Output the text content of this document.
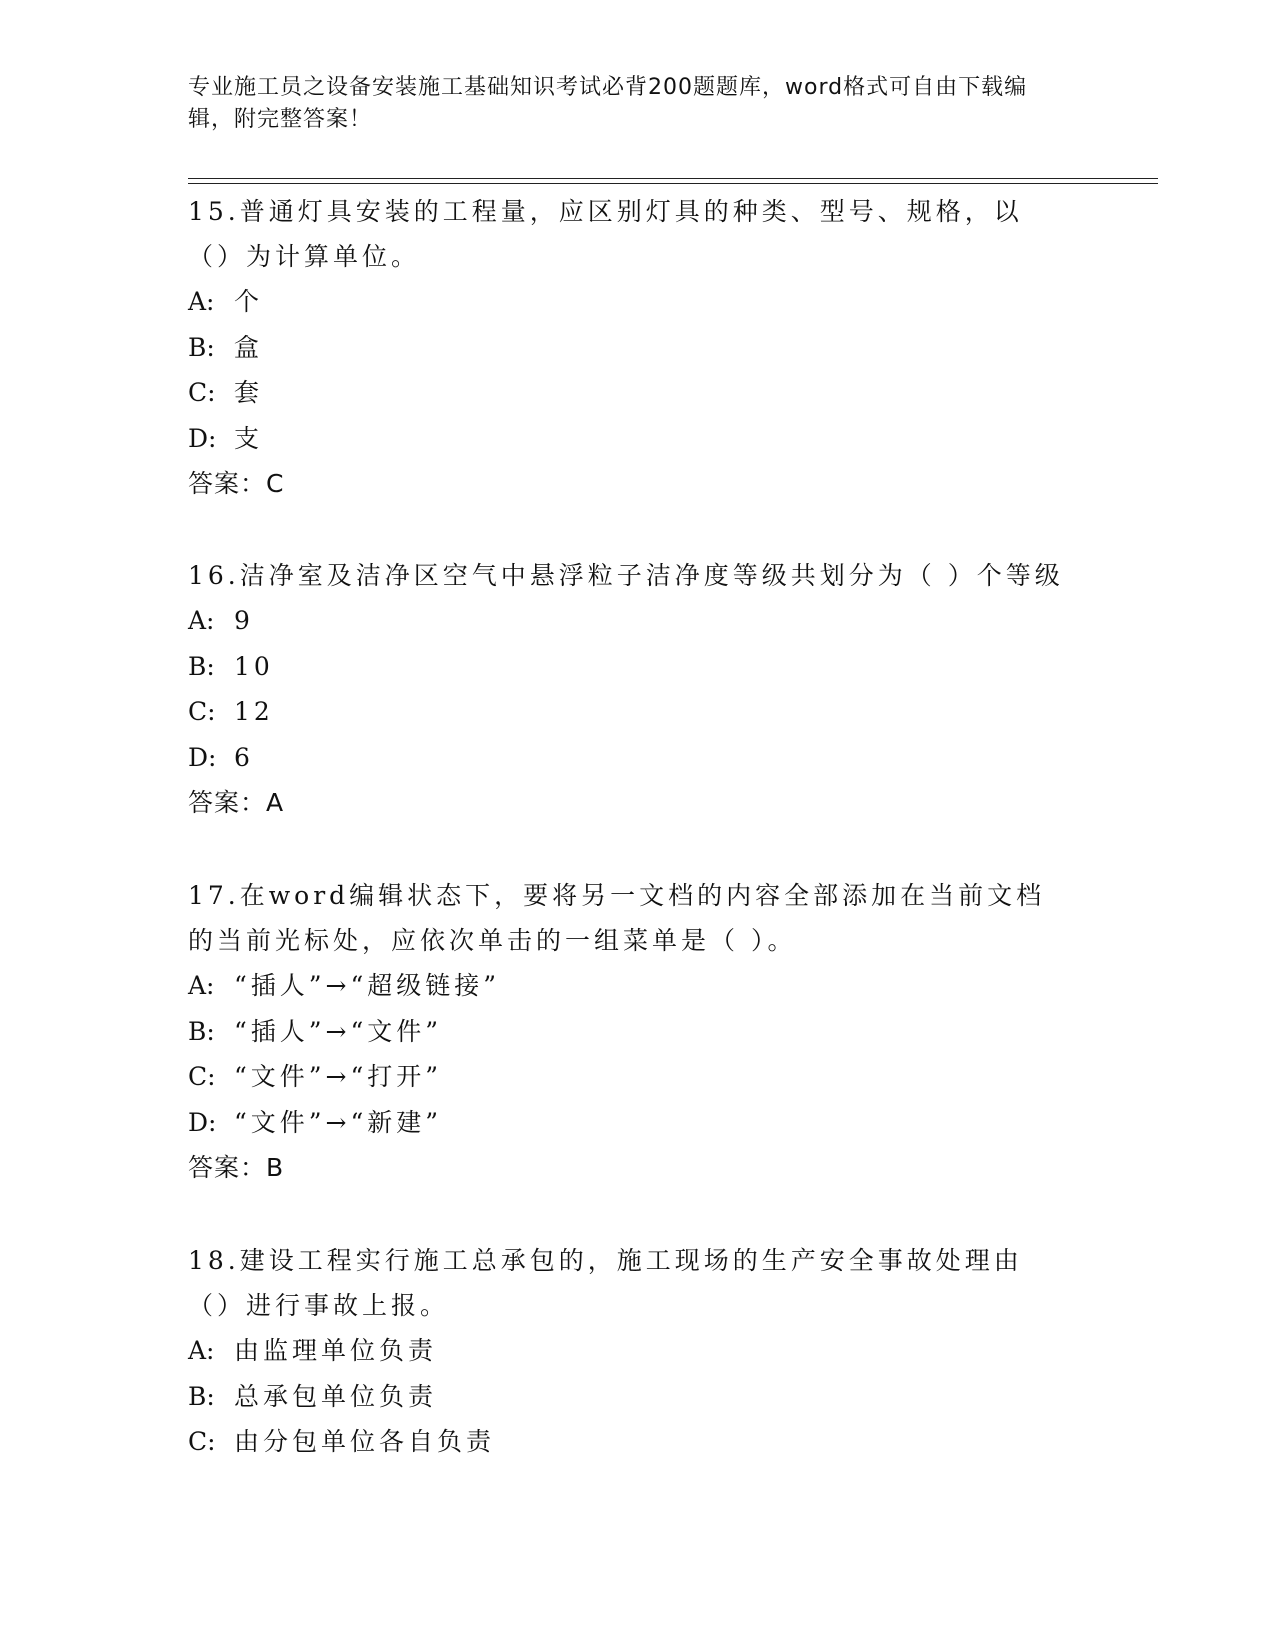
专业施工员之设备安装施工基础知识考试必背200题题库，word格式可自由下载编辑，附完整答案！

15.普通灯具安装的工程量，应区别灯具的种类、型号、规格，以（）为计算单位。

A: 个
B: 盒
C: 套
D: 支
答案：C

16.洁净室及洁净区空气中悬浮粒子洁净度等级共划分为（ ）个等级

A: 9
B: 10
C: 12
D: 6
答案：A

17.在word编辑状态下，要将另一文档的内容全部添加在当前文档的当前光标处，应依次单击的一组菜单是（ ）。

A: “插人”→“超级链接”
B: “插人”→“文件”
C: “文件”→“打开”
D: “文件”→“新建”
答案：B

18.建设工程实行施工总承包的，施工现场的生产安全事故处理由（）进行事故上报。

A: 由监理单位负责
B: 总承包单位负责
C: 由分包单位各自负责
